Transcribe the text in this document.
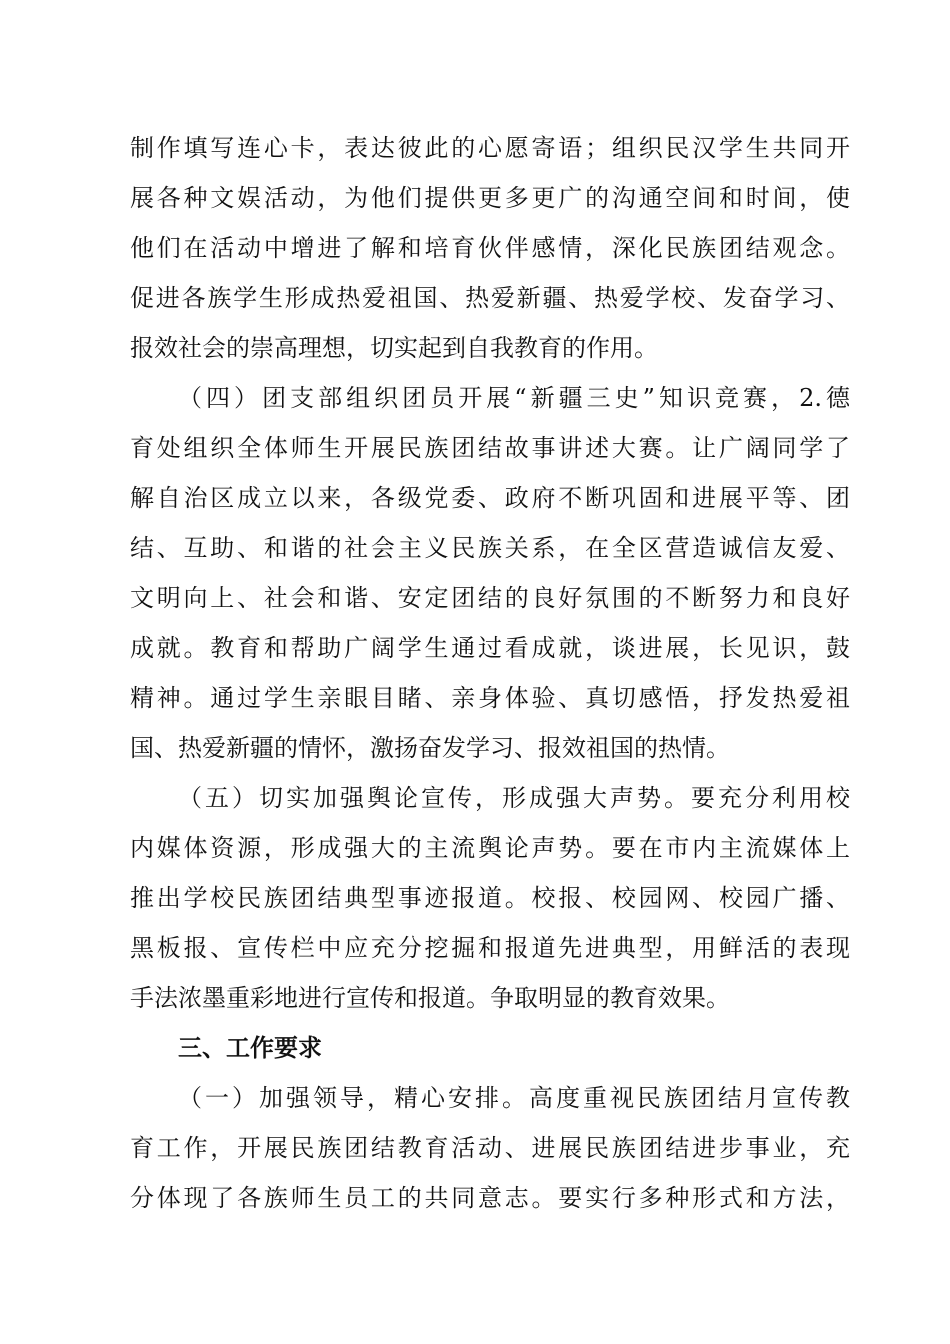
制作填写连心卡，表达彼此的心愿寄语；组织民汉学生共同开
展各种文娱活动，为他们提供更多更广的沟通空间和时间，使
他们在活动中增进了解和培育伙伴感情，深化民族团结观念。
促进各族学生形成热爱祖国、热爱新疆、热爱学校、发奋学习、
报效社会的崇高理想，切实起到自我教育的作用。
（四）团支部组织团员开展“新疆三史”知识竞赛，2.德
育处组织全体师生开展民族团结故事讲述大赛。让广阔同学了
解自治区成立以来，各级党委、政府不断巩固和进展平等、团
结、互助、和谐的社会主义民族关系，在全区营造诚信友爱、
文明向上、社会和谐、安定团结的良好氛围的不断努力和良好
成就。教育和帮助广阔学生通过看成就，谈进展，长见识，鼓
精神。通过学生亲眼目睹、亲身体验、真切感悟，抒发热爱祖
国、热爱新疆的情怀，激扬奋发学习、报效祖国的热情。
（五）切实加强舆论宣传，形成强大声势。要充分利用校
内媒体资源，形成强大的主流舆论声势。要在市内主流媒体上
推出学校民族团结典型事迹报道。校报、校园网、校园广播、
黑板报、宣传栏中应充分挖掘和报道先进典型，用鲜活的表现
手法浓墨重彩地进行宣传和报道。争取明显的教育效果。
三、工作要求
（一）加强领导，精心安排。高度重视民族团结月宣传教
育工作，开展民族团结教育活动、进展民族团结进步事业，充
分体现了各族师生员工的共同意志。要实行多种形式和方法，
